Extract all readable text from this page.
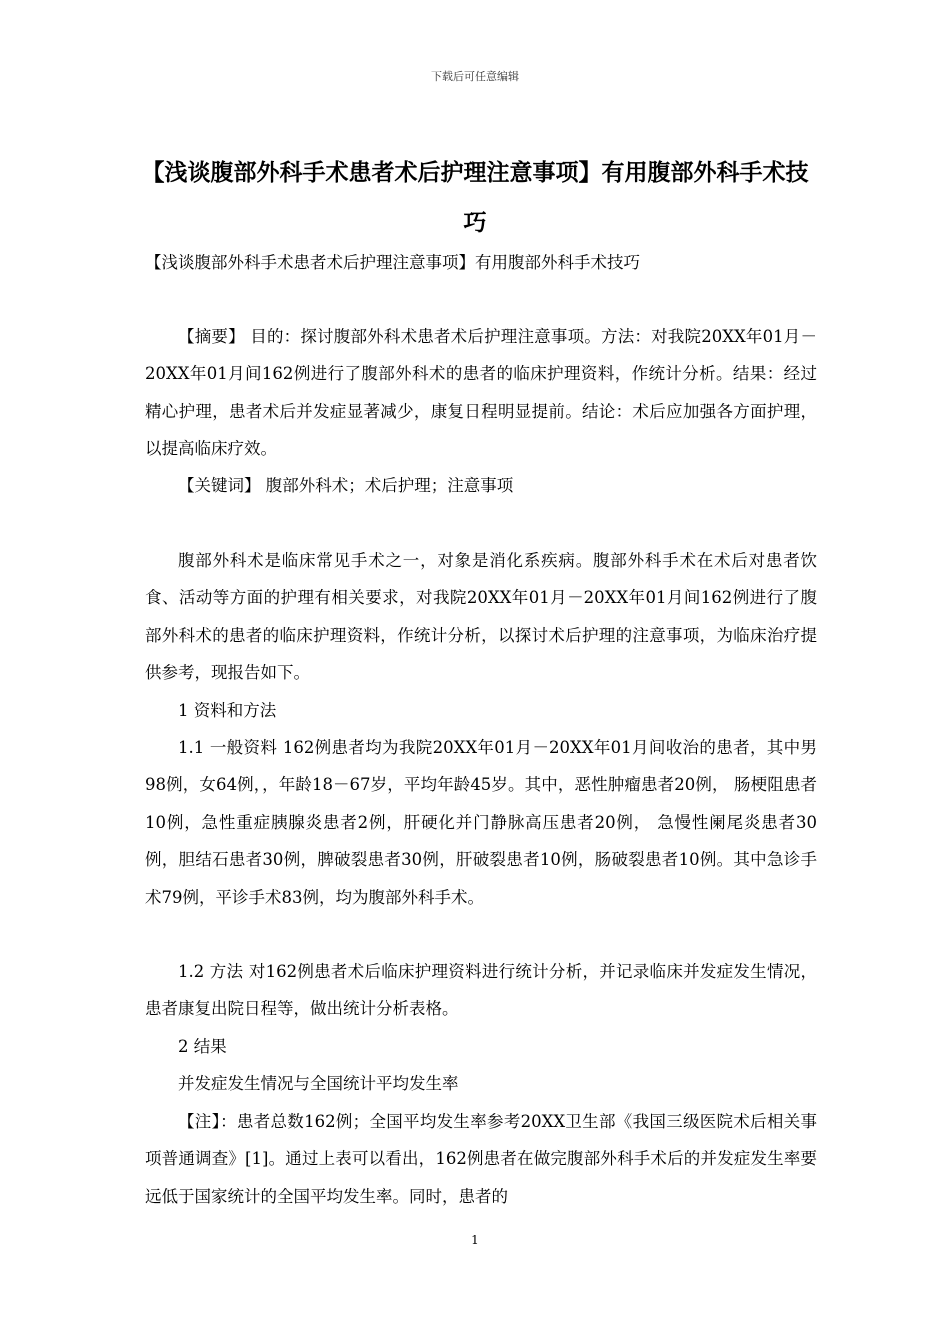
下载后可任意编辑
【浅谈腹部外科手术患者术后护理注意事项】有用腹部外科手术技巧

【浅谈腹部外科手术患者术后护理注意事项】有用腹部外科手术技巧

【摘要】 目的：探讨腹部外科术患者术后护理注意事项。方法：对我院20XX年01月－20XX年01月间162例进行了腹部外科术的患者的临床护理资料，作统计分析。结果：经过精心护理，患者术后并发症显著减少，康复日程明显提前。结论：术后应加强各方面护理，以提高临床疗效。

【关键词】 腹部外科术；术后护理；注意事项

腹部外科术是临床常见手术之一，对象是消化系疾病。腹部外科手术在术后对患者饮食、活动等方面的护理有相关要求，对我院20XX年01月－20XX年01月间162例进行了腹部外科术的患者的临床护理资料，作统计分析，以探讨术后护理的注意事项，为临床治疗提供参考，现报告如下。

1 资料和方法

1.1 一般资料 162例患者均为我院20XX年01月－20XX年01月间收治的患者，其中男98例，女64例，，年龄18－67岁，平均年龄45岁。其中，恶性肿瘤患者20例， 肠梗阻患者10例，急性重症胰腺炎患者2例，肝硬化并门静脉高压患者20例， 急慢性阑尾炎患者30例，胆结石患者30例，脾破裂患者30例，肝破裂患者10例，肠破裂患者10例。其中急诊手术79例，平诊手术83例，均为腹部外科手术。

1.2 方法 对162例患者术后临床护理资料进行统计分析，并记录临床并发症发生情况，患者康复出院日程等，做出统计分析表格。

2 结果

并发症发生情况与全国统计平均发生率

【注】：患者总数162例；全国平均发生率参考20XX卫生部《我国三级医院术后相关事项普通调查》[1]。通过上表可以看出，162例患者在做完腹部外科手术后的并发症发生率要远低于国家统计的全国平均发生率。同时，患者的

1
